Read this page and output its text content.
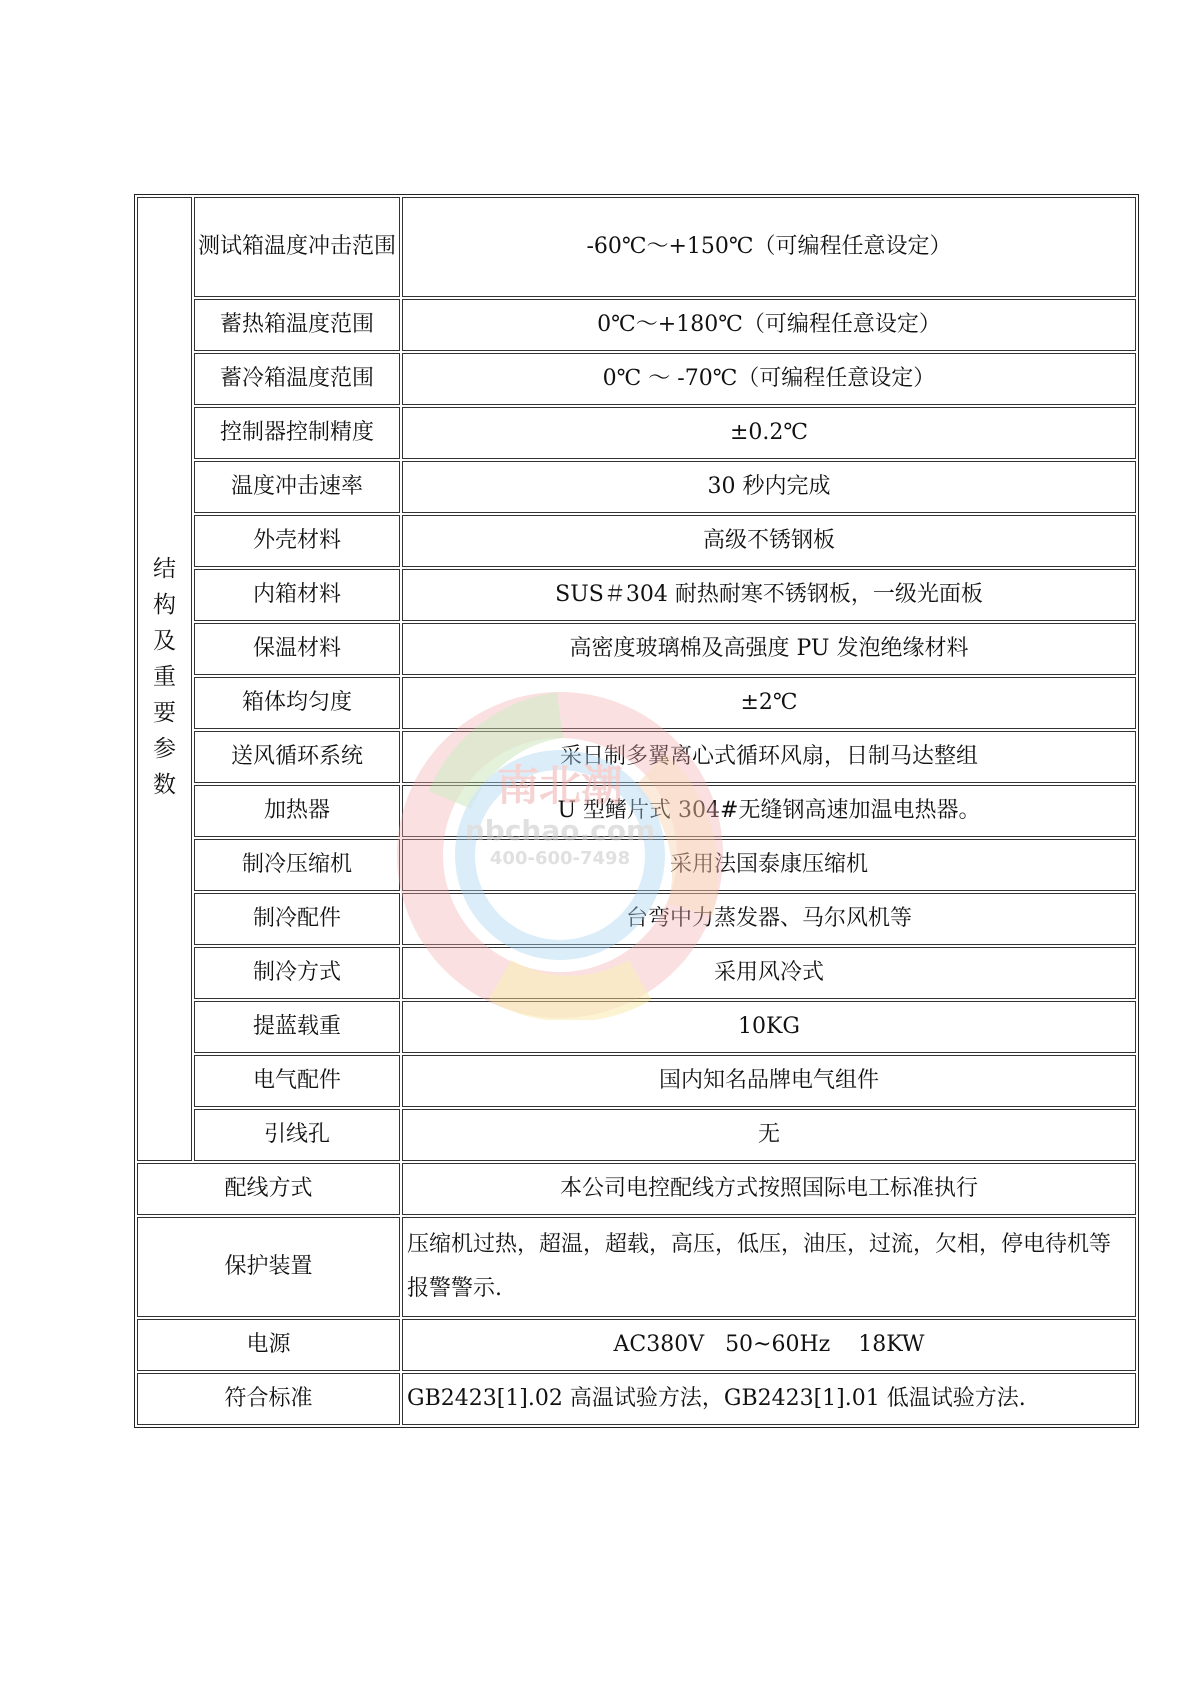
结构及重要参数	测试箱温度冲击范围	-60℃～+150℃（可编程任意设定）
	蓄热箱温度范围	0℃～+180℃（可编程任意设定）
	蓄冷箱温度范围	0℃ ～ -70℃（可编程任意设定）
	控制器控制精度	±0.2℃
	温度冲击速率	30 秒内完成
	外壳材料	高级不锈钢板
	内箱材料	SUS＃304 耐热耐寒不锈钢板，一级光面板
	保温材料	高密度玻璃棉及高强度 PU 发泡绝缘材料
	箱体均匀度	±2℃
	送风循环系统	采日制多翼离心式循环风扇，日制马达整组
	加热器	U 型鳍片式 304#无缝钢高速加温电热器。
	制冷压缩机	采用法国泰康压缩机
	制冷配件	台弯中力蒸发器、马尔风机等
	制冷方式	采用风冷式
	提蓝载重	10KG
	电气配件	国内知名品牌电气组件
	引线孔	无
配线方式		本公司电控配线方式按照国际电工标准执行
保护装置		压缩机过热，超温，超载，高压，低压，油压，过流，欠相，停电待机等报警警示.
电源		AC380V   50~60Hz    18KW
符合标准		GB2423[1].02 高温试验方法，GB2423[1].01 低温试验方法.
南北潮
nbchao.com
400-600-7498
